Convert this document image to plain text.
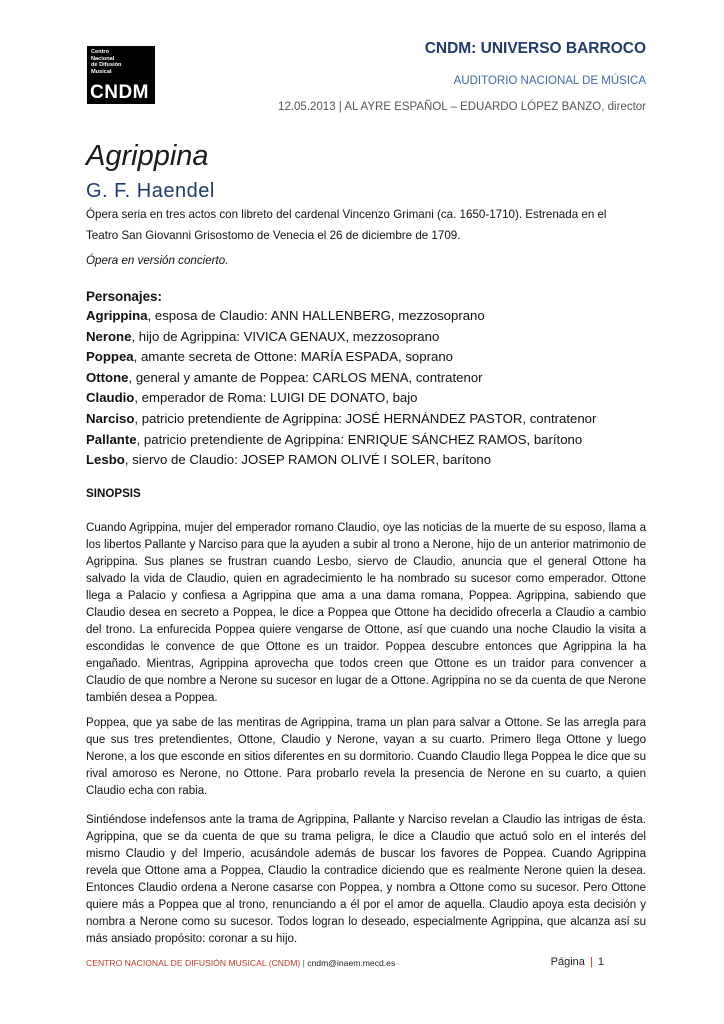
Centro
Nacional
de Difusión
Musical
CNDM
CNDM: UNIVERSO BARROCO
AUDITORIO NACIONAL DE MÚSICA
12.05.2013 | AL AYRE ESPAÑOL – EDUARDO LÓPEZ BANZO, director
Agrippina
G. F. Haendel
Ópera seria en tres actos con libreto del cardenal Vincenzo Grimani (ca. 1650-1710). Estrenada en el Teatro San Giovanni Grisostomo de Venecia el 26 de diciembre de 1709.
Ópera en versión concierto.
Personajes:
Agrippina, esposa de Claudio: ANN HALLENBERG, mezzosoprano
Nerone, hijo de Agrippina: VIVICA GENAUX, mezzosoprano
Poppea, amante secreta de Ottone: MARÍA ESPADA, soprano
Ottone, general y amante de Poppea: CARLOS MENA, contratenor
Claudio, emperador de Roma: LUIGI DE DONATO, bajo
Narciso, patricio pretendiente de Agrippina: JOSÉ HERNÁNDEZ PASTOR, contratenor
Pallante, patricio pretendiente de Agrippina: ENRIQUE SÁNCHEZ RAMOS, barítono
Lesbo, siervo de Claudio: JOSEP RAMON OLIVÉ I SOLER, barítono
SINOPSIS

Cuando Agrippina, mujer del emperador romano Claudio, oye las noticias de la muerte de su esposo, llama a los libertos Pallante y Narciso para que la ayuden a subir al trono a Nerone, hijo de un anterior matrimonio de Agrippina. Sus planes se frustran cuando Lesbo, siervo de Claudio, anuncia que el general Ottone ha salvado la vida de Claudio, quien en agradecimiento le ha nombrado su sucesor como emperador. Ottone llega a Palacio y confiesa a Agrippina que ama a una dama romana, Poppea. Agrippina, sabiendo que Claudio desea en secreto a Poppea, le dice a Poppea que Ottone ha decidido ofrecerla a Claudio a cambio del trono. La enfurecida Poppea quiere vengarse de Ottone, así que cuando una noche Claudio la visita a escondidas le convence de que Ottone es un traidor. Poppea descubre entonces que Agrippina la ha engañado. Mientras, Agrippina aprovecha que todos creen que Ottone es un traidor para convencer a Claudio de que nombre a Nerone su sucesor en lugar de a Ottone. Agrippina no se da cuenta de que Nerone también desea a Poppea.

Poppea, que ya sabe de las mentiras de Agrippina, trama un plan para salvar a Ottone. Se las arregla para que sus tres pretendientes, Ottone, Claudio y Nerone, vayan a su cuarto. Primero llega Ottone y luego Nerone, a los que esconde en sitios diferentes en su dormitorio. Cuando Claudio llega Poppea le dice que su rival amoroso es Nerone, no Ottone. Para probarlo revela la presencia de Nerone en su cuarto, a quien Claudio echa con rabia.

Sintiéndose indefensos ante la trama de Agrippina, Pallante y Narciso revelan a Claudio las intrigas de ésta. Agrippina, que se da cuenta de que su trama peligra, le dice a Claudio que actuó solo en el interés del mismo Claudio y del Imperio, acusándole además de buscar los favores de Poppea. Cuando Agrippina revela que Ottone ama a Poppea, Claudio la contradice diciendo que es realmente Nerone quien la desea. Entonces Claudio ordena a Nerone casarse con Poppea, y nombra a Ottone como su sucesor. Pero Ottone quiere más a Poppea que al trono, renunciando a él por el amor de aquella. Claudio apoya esta decisión y nombra a Nerone como su sucesor. Todos logran lo deseado, especialmente Agrippina, que alcanza así su más ansiado propósito: coronar a su hijo.

CENTRO NACIONAL DE DIFUSIÓN MUSICAL (CNDM) | cndm@inaem.mecd.es	Página | 1
